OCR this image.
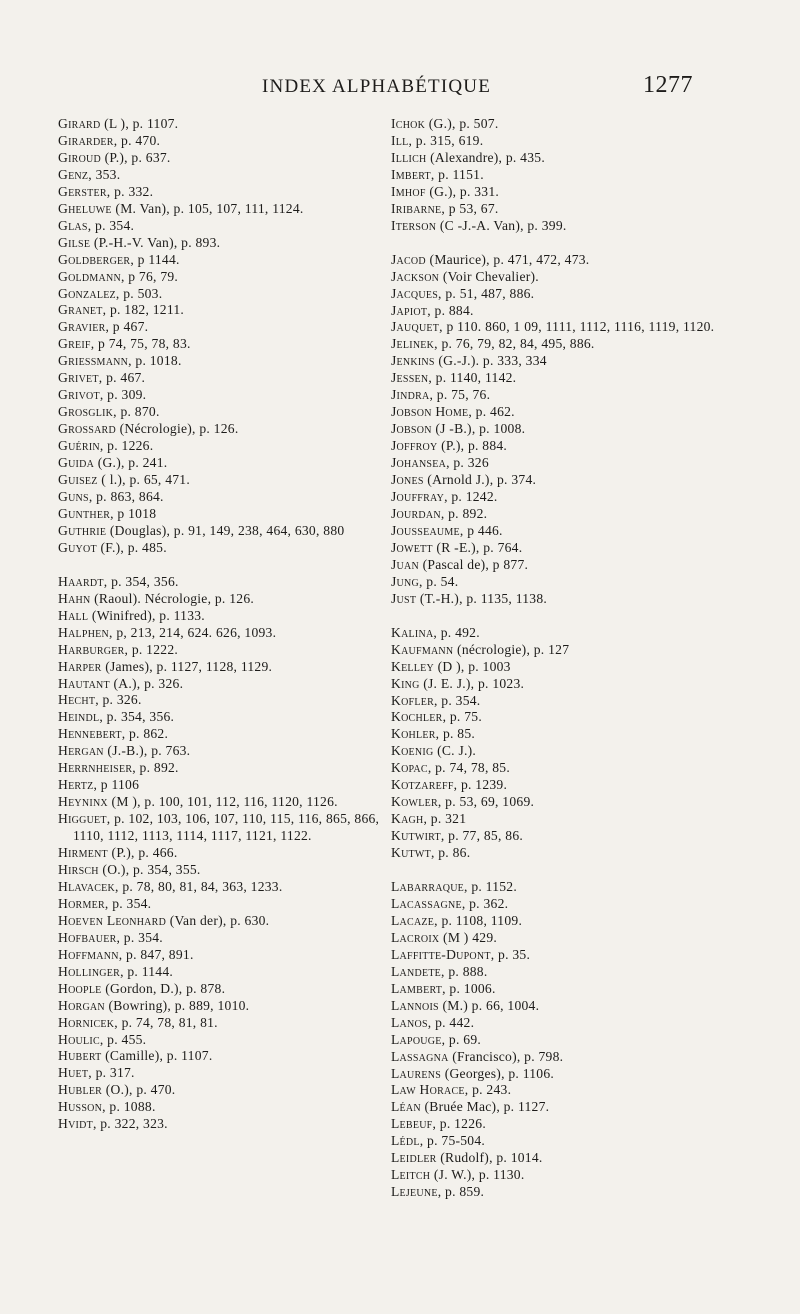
INDEX ALPHABÉTIQUE	1277

Girard (L ), p. 1107.

Girarder, p. 470.

Giroud (P.), p. 637.

Genz, 353.

Gerster, p. 332.

Gheluwe (M. Van), p. 105, 107, 111, 1124.

Glas, p. 354.

Gilse (P.-H.-V. Van), p. 893.

Goldberger, p 1144.

Goldmann, p 76, 79.

Gonzalez, p. 503.

Granet, p. 182, 1211.

Gravier, p 467.

Greif, p 74, 75, 78, 83.

Griessmann, p. 1018.

Grivet, p. 467.

Grivot, p. 309.

Grosglik, p. 870.

Grossard (Nécrologie), p. 126.

Guérin, p. 1226.

Guida (G.), p. 241.

Guisez ( l.), p. 65, 471.

Guns, p. 863, 864.

Gunther, p 1018

Guthrie (Douglas), p. 91, 149, 238, 464, 630, 880

Guyot (F.), p. 485.

Haardt, p. 354, 356.

Hahn (Raoul). Nécrologie, p. 126.

Hall (Winifred), p. 1133.

Halphen, p, 213, 214, 624. 626, 1093.

Harburger, p. 1222.

Harper (James), p. 1127, 1128, 1129.

Hautant (A.), p. 326.

Hecht, p. 326.

Heindl, p. 354, 356.

Hennebert, p. 862.

Hergan (J.-B.), p. 763.

Herrnheiser, p. 892.

Hertz, p 1106

Heyninx (M ), p. 100, 101, 112, 116, 1120, 1126.

Higguet, p. 102, 103, 106, 107, 110, 115, 116, 865, 866, 1110, 1112, 1113, 1114, 1117, 1121, 1122.

Hirment (P.), p. 466.

Hirsch (O.), p. 354, 355.

Hlavacek, p. 78, 80, 81, 84, 363, 1233.

Hormer, p. 354.

Hoeven Leonhard (Van der), p. 630.

Hofbauer, p. 354.

Hoffmann, p. 847, 891.

Hollinger, p. 1144.

Hoople (Gordon, D.), p. 878.

Horgan (Bowring), p. 889, 1010.

Hornicek, p. 74, 78, 81, 81.

Houlic, p. 455.

Hubert (Camille), p. 1107.

Huet, p. 317.

Hubler (O.), p. 470.

Husson, p. 1088.

Hvidt, p. 322, 323.

Ichok (G.), p. 507.

Ill, p. 315, 619.

Illich (Alexandre), p. 435.

Imbert, p. 1151.

Imhof (G.), p. 331.

Iribarne, p 53, 67.

Iterson (C -J.-A. Van), p. 399.

Jacod (Maurice), p. 471, 472, 473.

Jackson (Voir Chevalier).

Jacques, p. 51, 487, 886.

Japiot, p. 884.

Jauquet, p 110. 860, 1 09, 1111, 1112, 1116, 1119, 1120.

Jelinek, p. 76, 79, 82, 84, 495, 886.

Jenkins (G.-J.). p. 333, 334

Jessen, p. 1140, 1142.

Jindra, p. 75, 76.

Jobson Home, p. 462.

Jobson (J -B.), p. 1008.

Joffroy (P.), p. 884.

Johansea, p. 326

Jones (Arnold J.), p. 374.

Jouffray, p. 1242.

Jourdan, p. 892.

Jousseaume, p 446.

Jowett (R -E.), p. 764.

Juan (Pascal de), p 877.

Jung, p. 54.

Just (T.-H.), p. 1135, 1138.

Kalina, p. 492.

Kaufmann (nécrologie), p. 127

Kelley (D ), p. 1003

King (J. E. J.), p. 1023.

Kofler, p. 354.

Kochler, p. 75.

Kohler, p. 85.

Koenig (C. J.).

Kopac, p. 74, 78, 85.

Kotzareff, p. 1239.

Kowler, p. 53, 69, 1069.

Kagh, p. 321

Kutwirt, p. 77, 85, 86.

Kutwt, p. 86.

Labarraque, p. 1152.

Lacassagne, p. 362.

Lacaze, p. 1108, 1109.

Lacroix (M ) 429.

Laffitte-Dupont, p. 35.

Landete, p. 888.

Lambert, p. 1006.

Lannois (M.) p. 66, 1004.

Lanos, p. 442.

Lapouge, p. 69.

Lassagna (Francisco), p. 798.

Laurens (Georges), p. 1106.

Law Horace, p. 243.

Léan (Bruée Mac), p. 1127.

Lebeuf, p. 1226.

Lédl, p. 75-504.

Leidler (Rudolf), p. 1014.

Leitch (J. W.), p. 1130.

Lejeune, p. 859.
